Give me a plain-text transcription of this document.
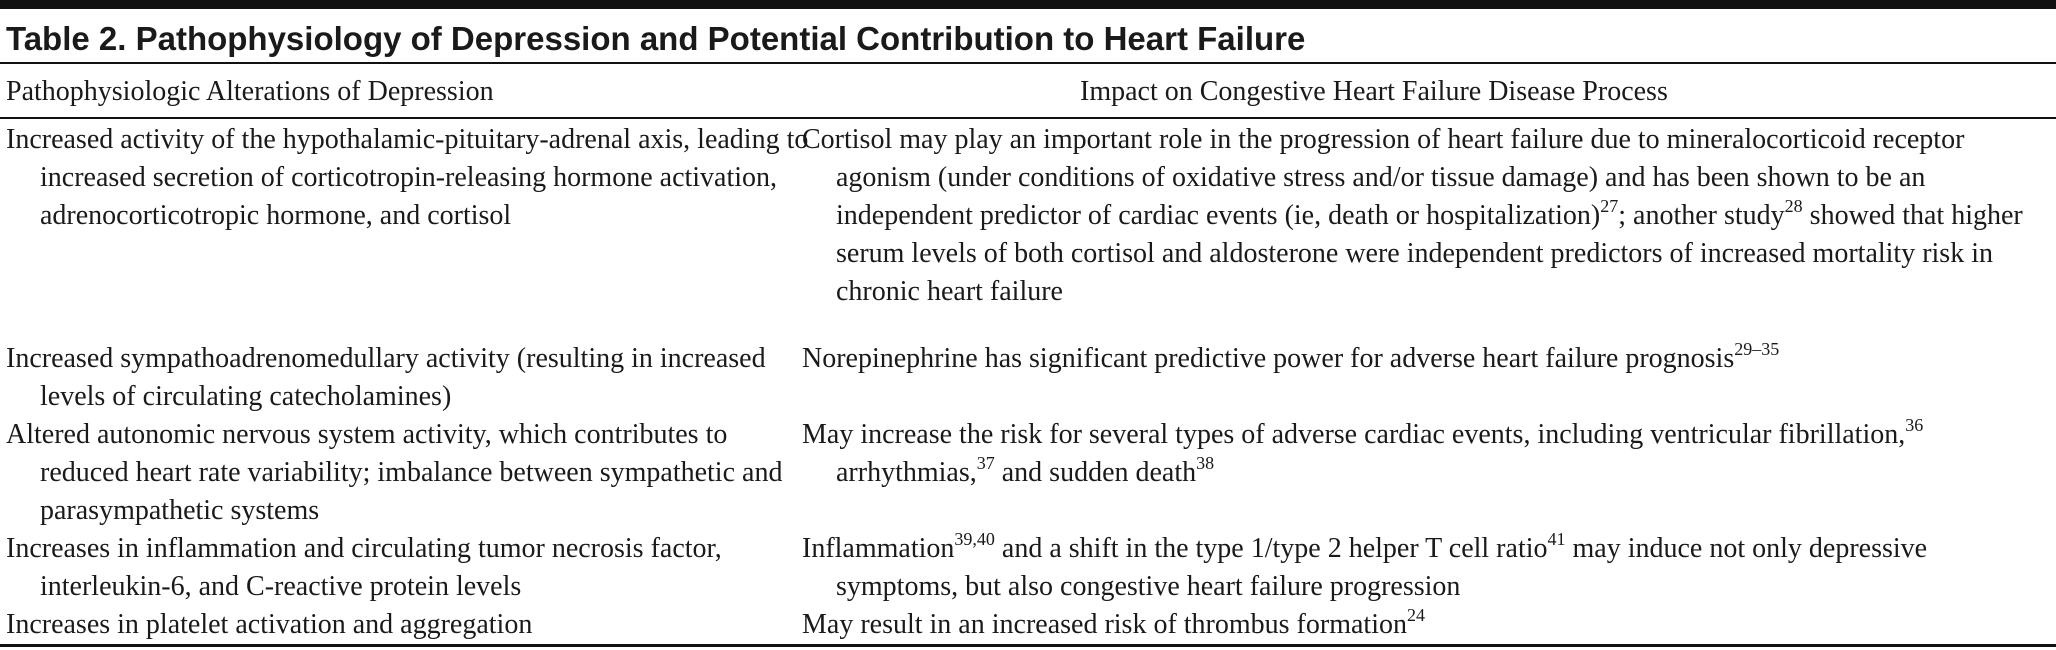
Table 2. Pathophysiology of Depression and Potential Contribution to Heart Failure
Pathophysiologic Alterations of Depression	Impact on Congestive Heart Failure Disease Process
Increased activity of the hypothalamic-pituitary-adrenal axis, leading to increased secretion of corticotropin-releasing hormone activation, adrenocorticotropic hormone, and cortisol
Cortisol may play an important role in the progression of heart failure due to mineralocorticoid receptor agonism (under conditions of oxidative stress and/or tissue damage) and has been shown to be an independent predictor of cardiac events (ie, death or hospitalization)$^{27}$; another study$^{28}$ showed that higher serum levels of both cortisol and aldosterone were independent predictors of increased mortality risk in chronic heart failure
Increased sympathoadrenomedullary activity (resulting in increased levels of circulating catecholamines)
Norepinephrine has significant predictive power for adverse heart failure prognosis$^{29-35}$
Altered autonomic nervous system activity, which contributes to reduced heart rate variability; imbalance between sympathetic and parasympathetic systems
May increase the risk for several types of adverse cardiac events, including ventricular fibrillation,$^{36}$ arrhythmias,$^{37}$ and sudden death$^{38}$
Increases in inflammation and circulating tumor necrosis factor, interleukin-6, and C-reactive protein levels
Inflammation$^{39,40}$ and a shift in the type 1/type 2 helper T cell ratio$^{41}$ may induce not only depressive symptoms, but also congestive heart failure progression
Increases in platelet activation and aggregation	May result in an increased risk of thrombus formation$^{24}$
